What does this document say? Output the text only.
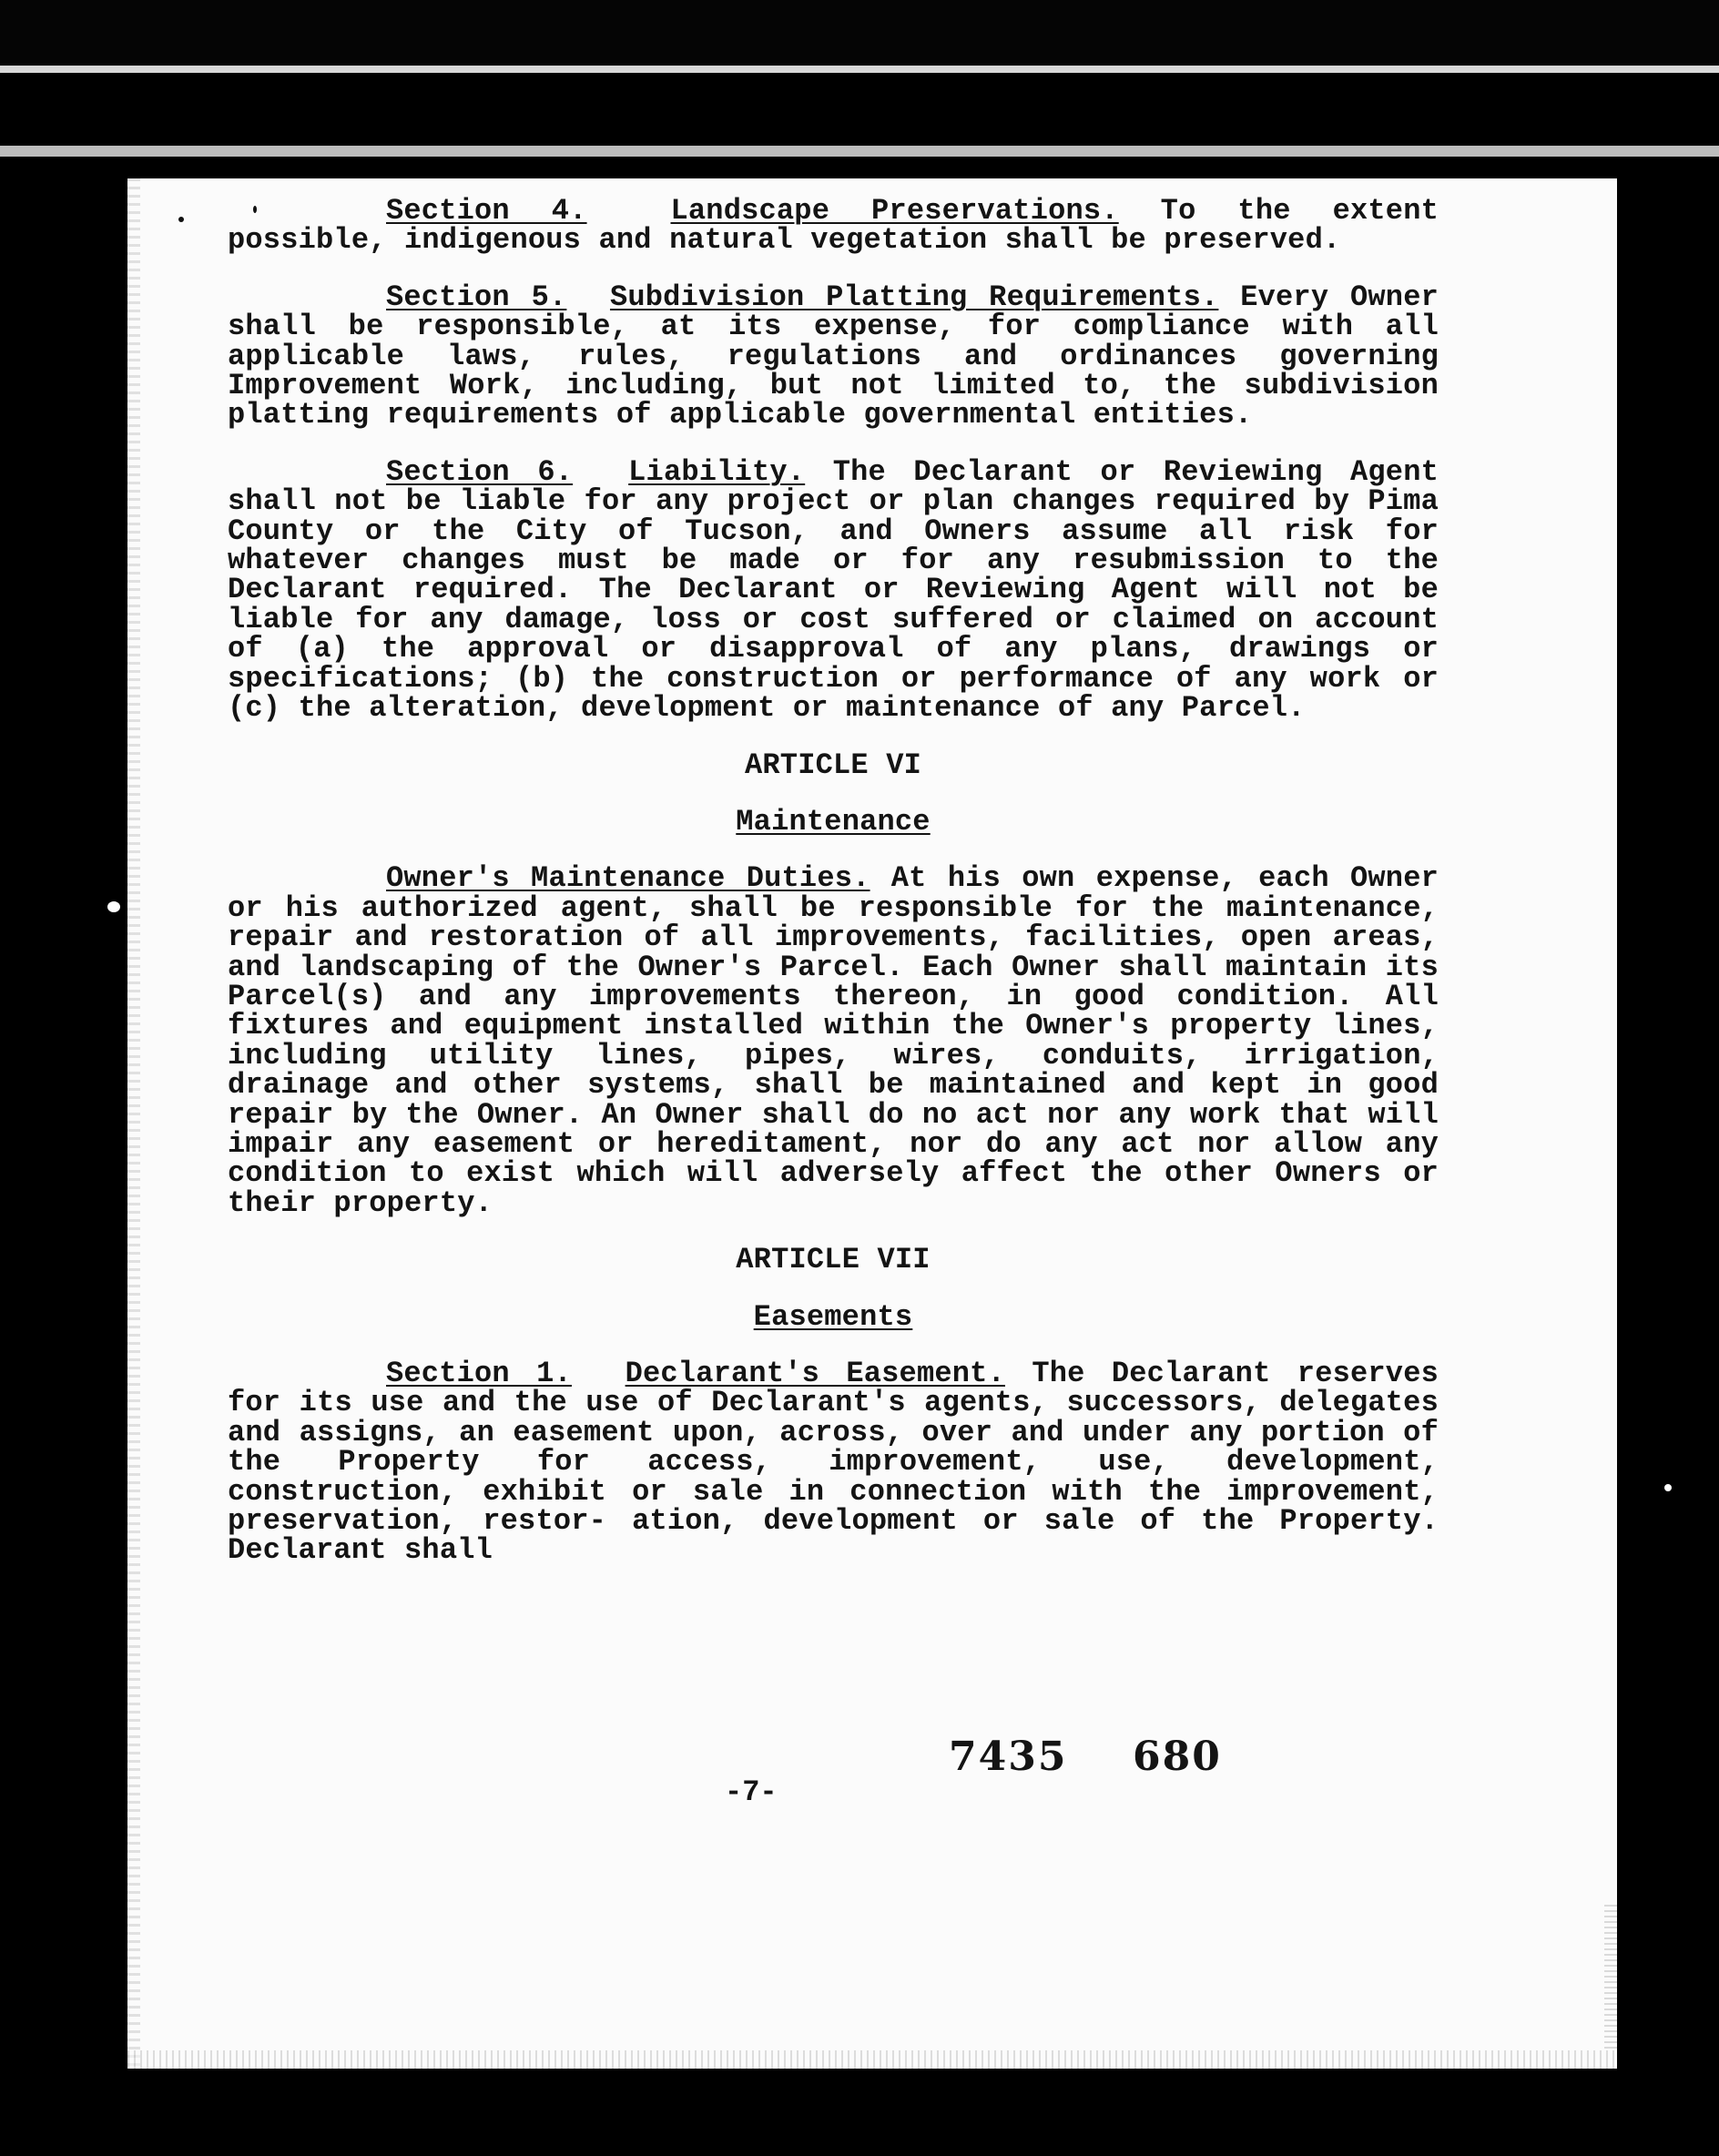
Section 4.	Landscape Preservations. To the extent possible, indigenous and natural vegetation shall be preserved.

Section 5. Subdivision Platting Requirements. Every Owner shall be responsible, at its expense, for compliance with all applicable laws, rules, regulations and ordinances governing Improvement Work, including, but not limited to, the subdivision platting requirements of applicable governmental entities.

Section 6. Liability. The Declarant or Reviewing Agent shall not be liable for any project or plan changes required by Pima County or the City of Tucson, and Owners assume all risk for whatever changes must be made or for any resubmission to the Declarant required. The Declarant or Reviewing Agent will not be liable for any damage, loss or cost suffered or claimed on account of (a) the approval or disapproval of any plans, drawings or specifications; (b) the construction or performance of any work or (c) the alteration, development or maintenance of any Parcel.

ARTICLE VI

Maintenance

Owner's Maintenance Duties. At his own expense, each Owner or his authorized agent, shall be responsible for the maintenance, repair and restoration of all improvements, facilities, open areas, and landscaping of the Owner's Parcel. Each Owner shall maintain its Parcel(s) and any improvements thereon, in good condition. All fixtures and equipment installed within the Owner's property lines, including utility lines, pipes, wires, conduits, irrigation, drainage and other systems, shall be maintained and kept in good repair by the Owner. An Owner shall do no act nor any work that will impair any easement or hereditament, nor do any act nor allow any condition to exist which will adversely affect the other Owners or their property.

ARTICLE VII

Easements

Section 1. Declarant's Easement. The Declarant reserves for its use and the use of Declarant's agents, successors, delegates and assigns, an easement upon, across, over and under any portion of the Property for access, improvement, use, development, construction, exhibit or sale in connection with the improvement, preservation, restor- ation, development or sale of the Property. Declarant shall

-7-
7435 680
